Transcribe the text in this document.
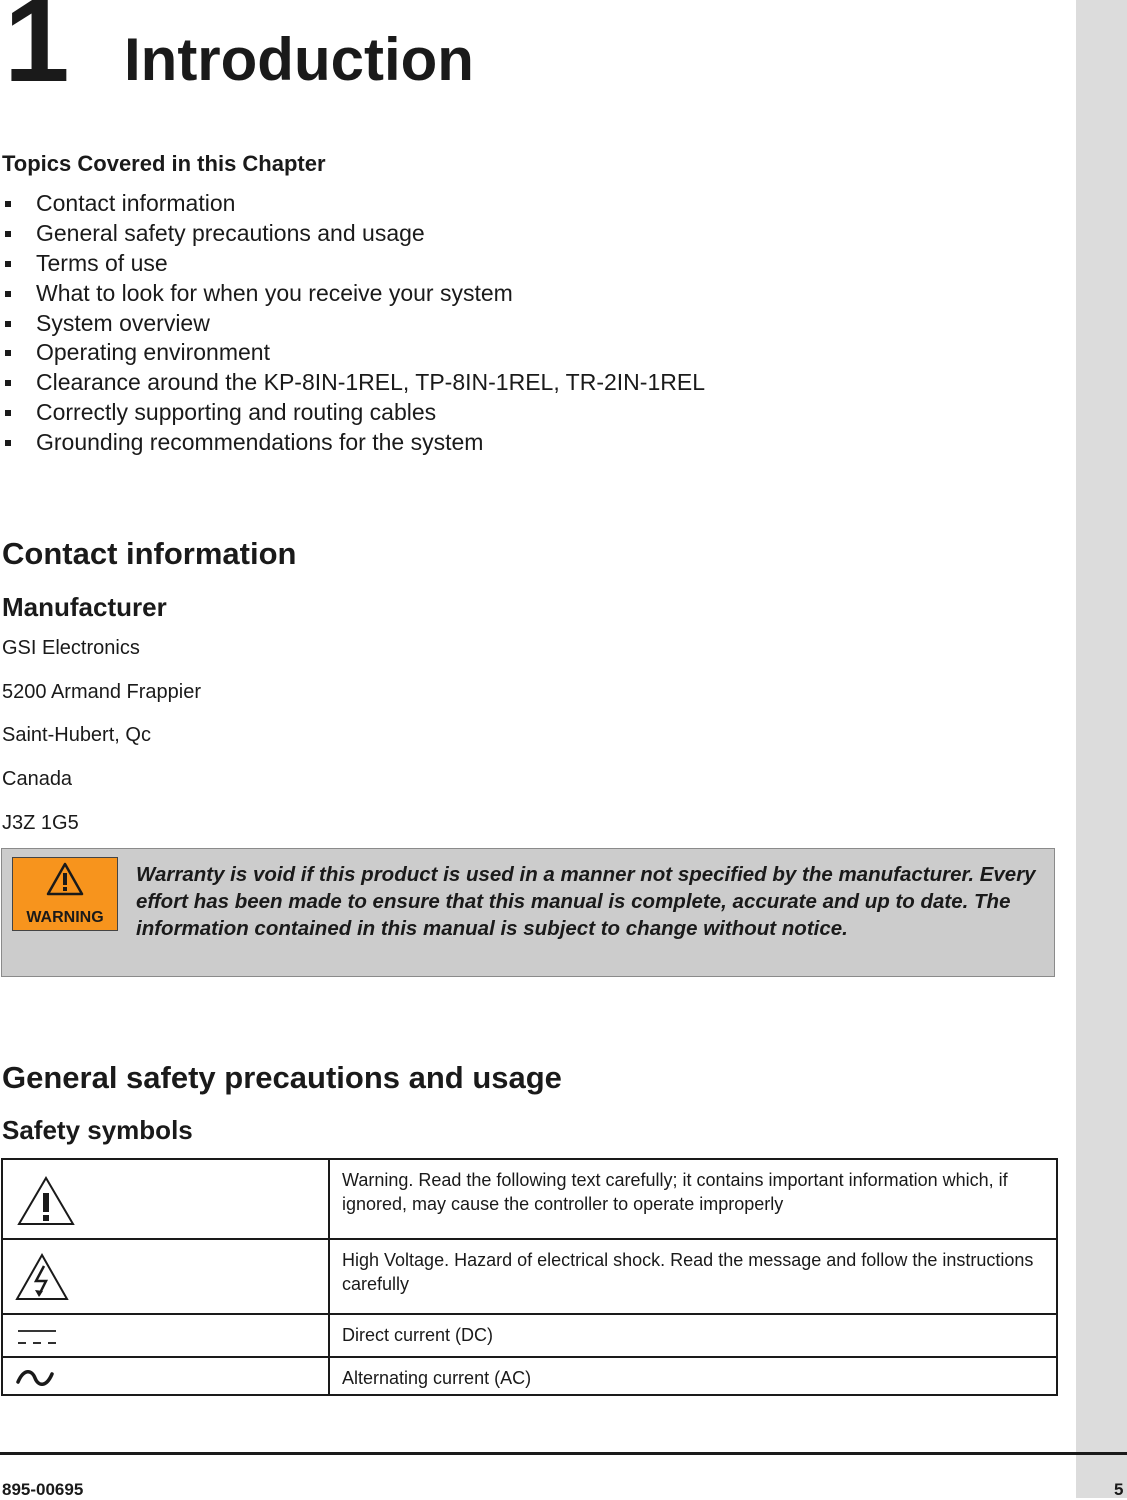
1 Introduction
Topics Covered in this Chapter
Contact information
General safety precautions and usage
Terms of use
What to look for when you receive your system
System overview
Operating environment
Clearance around the KP-8IN-1REL, TP-8IN-1REL, TR-2IN-1REL
Correctly supporting and routing cables
Grounding recommendations for the system
Contact information
Manufacturer
GSI Electronics
5200 Armand Frappier
Saint-Hubert, Qc
Canada
J3Z 1G5

Warranty is void if this product is used in a manner not specified by the manufacturer. Every effort has been made to ensure that this manual is complete, accurate and up to date. The information contained in this manual is subject to change without notice.

WARNING
General safety precautions and usage
Safety symbols
	Warning. Read the following text carefully; it contains important information which, if ignored, may cause the controller to operate improperly

	High Voltage. Hazard of electrical shock. Read the message and follow the instructions carefully

	Direct current (DC)

	Alternating current (AC)
895-00695	5
